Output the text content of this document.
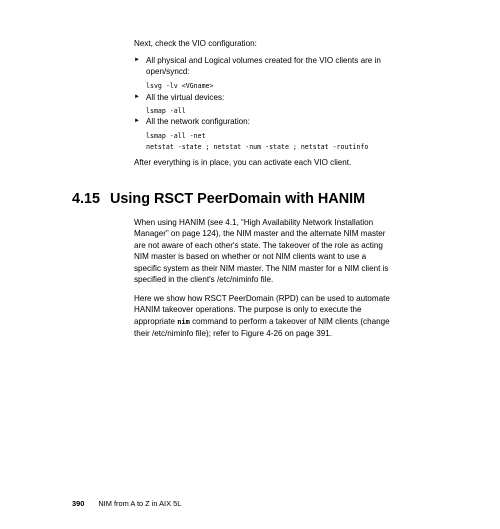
Next, check the VIO configuration:

► All physical and Logical volumes created for the VIO clients are in open/syncd:
lsvg -lv <VGname>
► All the virtual devices:
lsmap -all
► All the network configuration:
lsmap -all -net
netstat -state ; netstat -num -state ; netstat -routinfo

After everything is in place, you can activate each VIO client.

4.15 Using RSCT PeerDomain with HANIM

When using HANIM (see 4.1, “High Availability Network Installation Manager” on page 124), the NIM master and the alternate NIM master are not aware of each other's state. The takeover of the role as acting NIM master is based on whether or not NIM clients want to use a specific system as their NIM master. The NIM master for a NIM client is specified in the client's /etc/niminfo file.

Here we show how RSCT PeerDomain (RPD) can be used to automate HANIM takeover operations. The purpose is only to execute the appropriate nim command to perform a takeover of NIM clients (change their /etc/niminfo file); refer to Figure 4-26 on page 391.

390 NIM from A to Z in AIX 5L
